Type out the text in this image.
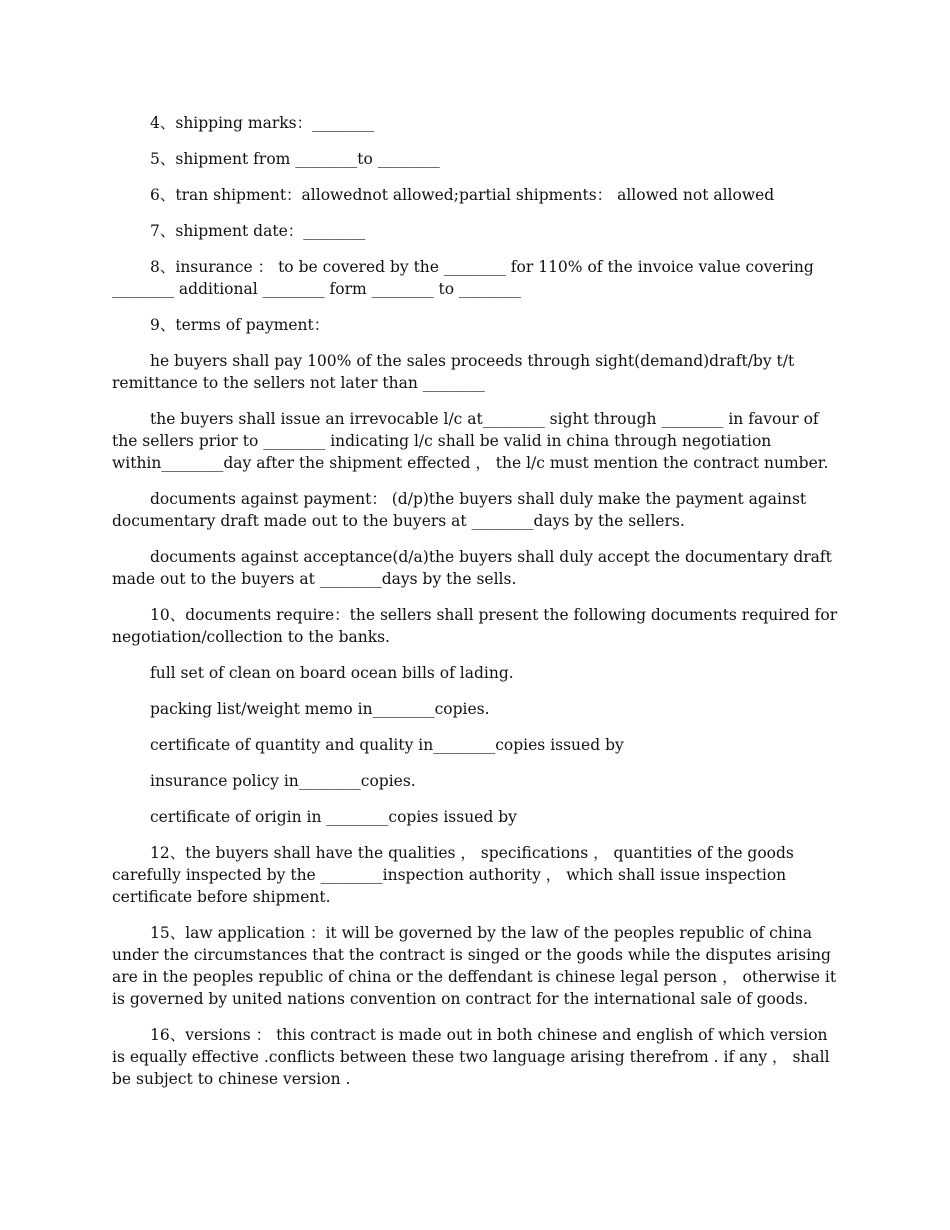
4、shipping marks：________

5、shipment from ________to ________

6、tran shipment：allowednot allowed;partial shipments： allowed not allowed

7、shipment date：________

8、insurance ： to be covered by the ________ for 110% of the invoice value covering ________ additional ________ form ________ to ________

9、terms of payment：

he buyers shall pay 100% of the sales proceeds through sight(demand)draft/by t/t remittance to the sellers not later than ________

the buyers shall issue an irrevocable l/c at________ sight through ________ in favour of the sellers prior to ________ indicating l/c shall be valid in china through negotiation within________day after the shipment effected ， the l/c must mention the contract number.

documents against payment： (d/p)the buyers shall duly make the payment against documentary draft made out to the buyers at ________days by the sellers.

documents against acceptance(d/a)the buyers shall duly accept the documentary draft made out to the buyers at ________days by the sells.

10、documents require：the sellers shall present the following documents required for negotiation/collection to the banks.

full set of clean on board ocean bills of lading.

packing list/weight memo in________copies.

certificate of quantity and quality in________copies issued by

insurance policy in________copies.

certificate of origin in ________copies issued by

12、the buyers shall have the qualities ， specifications ， quantities of the goods carefully inspected by the ________inspection authority ， which shall issue inspection certificate before shipment.

15、law application ：it will be governed by the law of the peoples republic of china under the circumstances that the contract is singed or the goods while the disputes arising are in the peoples republic of china or the deffendant is chinese legal person ， otherwise it is governed by united nations convention on contract for the international sale of goods.

16、versions ： this contract is made out in both chinese and english of which version is equally effective .conflicts between these two language arising therefrom . if any ， shall be subject to chinese version .
